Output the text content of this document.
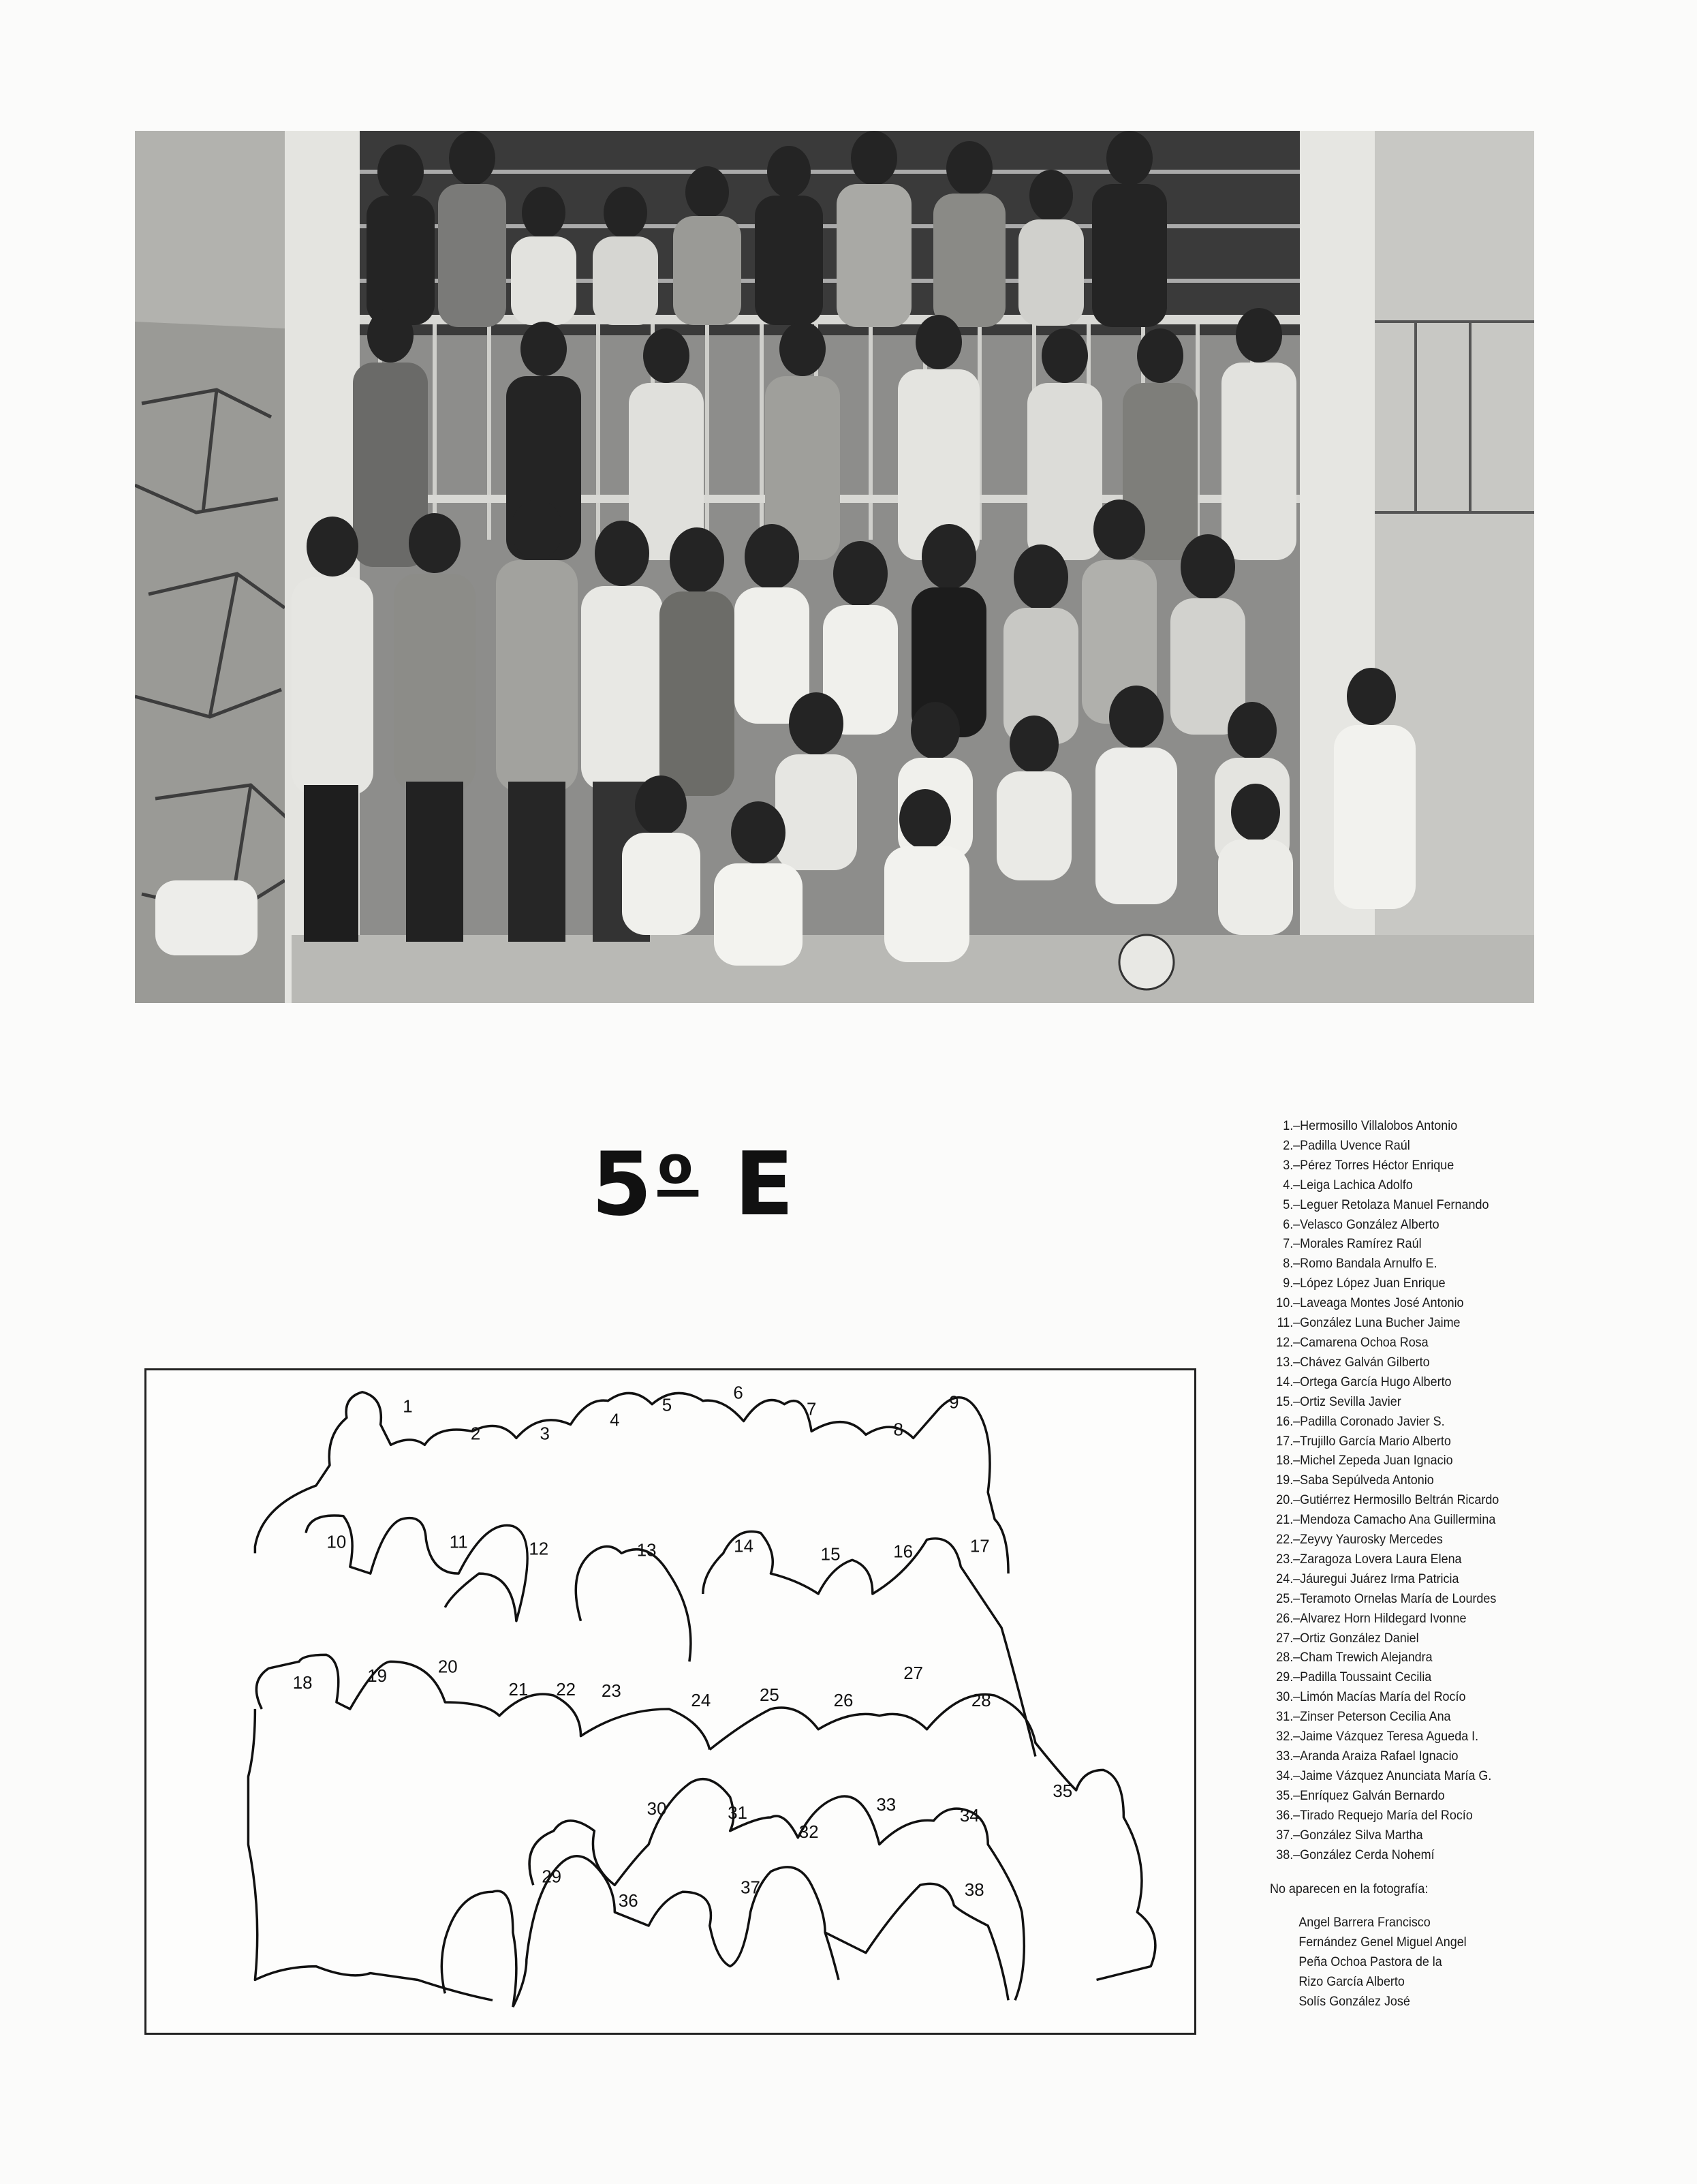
5$^o$ E
1
2	3
4
5
6
7
8
9
10	11	12	13	14	15	16	17
18	19	20
21 22 23	24	25	26
27
28
29
30	31
32
33
34
35
36
37	38
1.–Hermosillo Villalobos Antonio
2.–Padilla Uvence Raúl
3.–Pérez Torres Héctor Enrique
4.–Leiga Lachica Adolfo
5.–Leguer Retolaza Manuel Fernando
6.–Velasco González Alberto
7.–Morales Ramírez Raúl
8.–Romo Bandala Arnulfo E.
9.–López López Juan Enrique
10.–Laveaga Montes José Antonio
11.–González Luna Bucher Jaime
12.–Camarena Ochoa Rosa
13.–Chávez Galván Gilberto
14.–Ortega García Hugo Alberto
15.–Ortiz Sevilla Javier
16.–Padilla Coronado Javier S.
17.–Trujillo García Mario Alberto
18.–Michel Zepeda Juan Ignacio
19.–Saba Sepúlveda Antonio
20.–Gutiérrez Hermosillo Beltrán Ricardo
21.–Mendoza Camacho Ana Guillermina
22.–Zeyvy Yaurosky Mercedes
23.–Zaragoza Lovera Laura Elena
24.–Jáuregui Juárez Irma Patricia
25.–Teramoto Ornelas María de Lourdes
26.–Alvarez Horn Hildegard Ivonne
27.–Ortiz González Daniel
28.–Cham Trewich Alejandra
29.–Padilla Toussaint Cecilia
30.–Limón Macías María del Rocío
31.–Zinser Peterson Cecilia Ana
32.–Jaime Vázquez Teresa Agueda I.
33.–Aranda Araiza Rafael Ignacio
34.–Jaime Vázquez Anunciata María G.
35.–Enríquez Galván Bernardo
36.–Tirado Requejo María del Rocío
37.–González Silva Martha
38.–González Cerda Nohemí
No aparecen en la fotografía:
Angel Barrera Francisco
Fernández Genel Miguel Angel
Peña Ochoa Pastora de la
Rizo García Alberto
Solís González José
